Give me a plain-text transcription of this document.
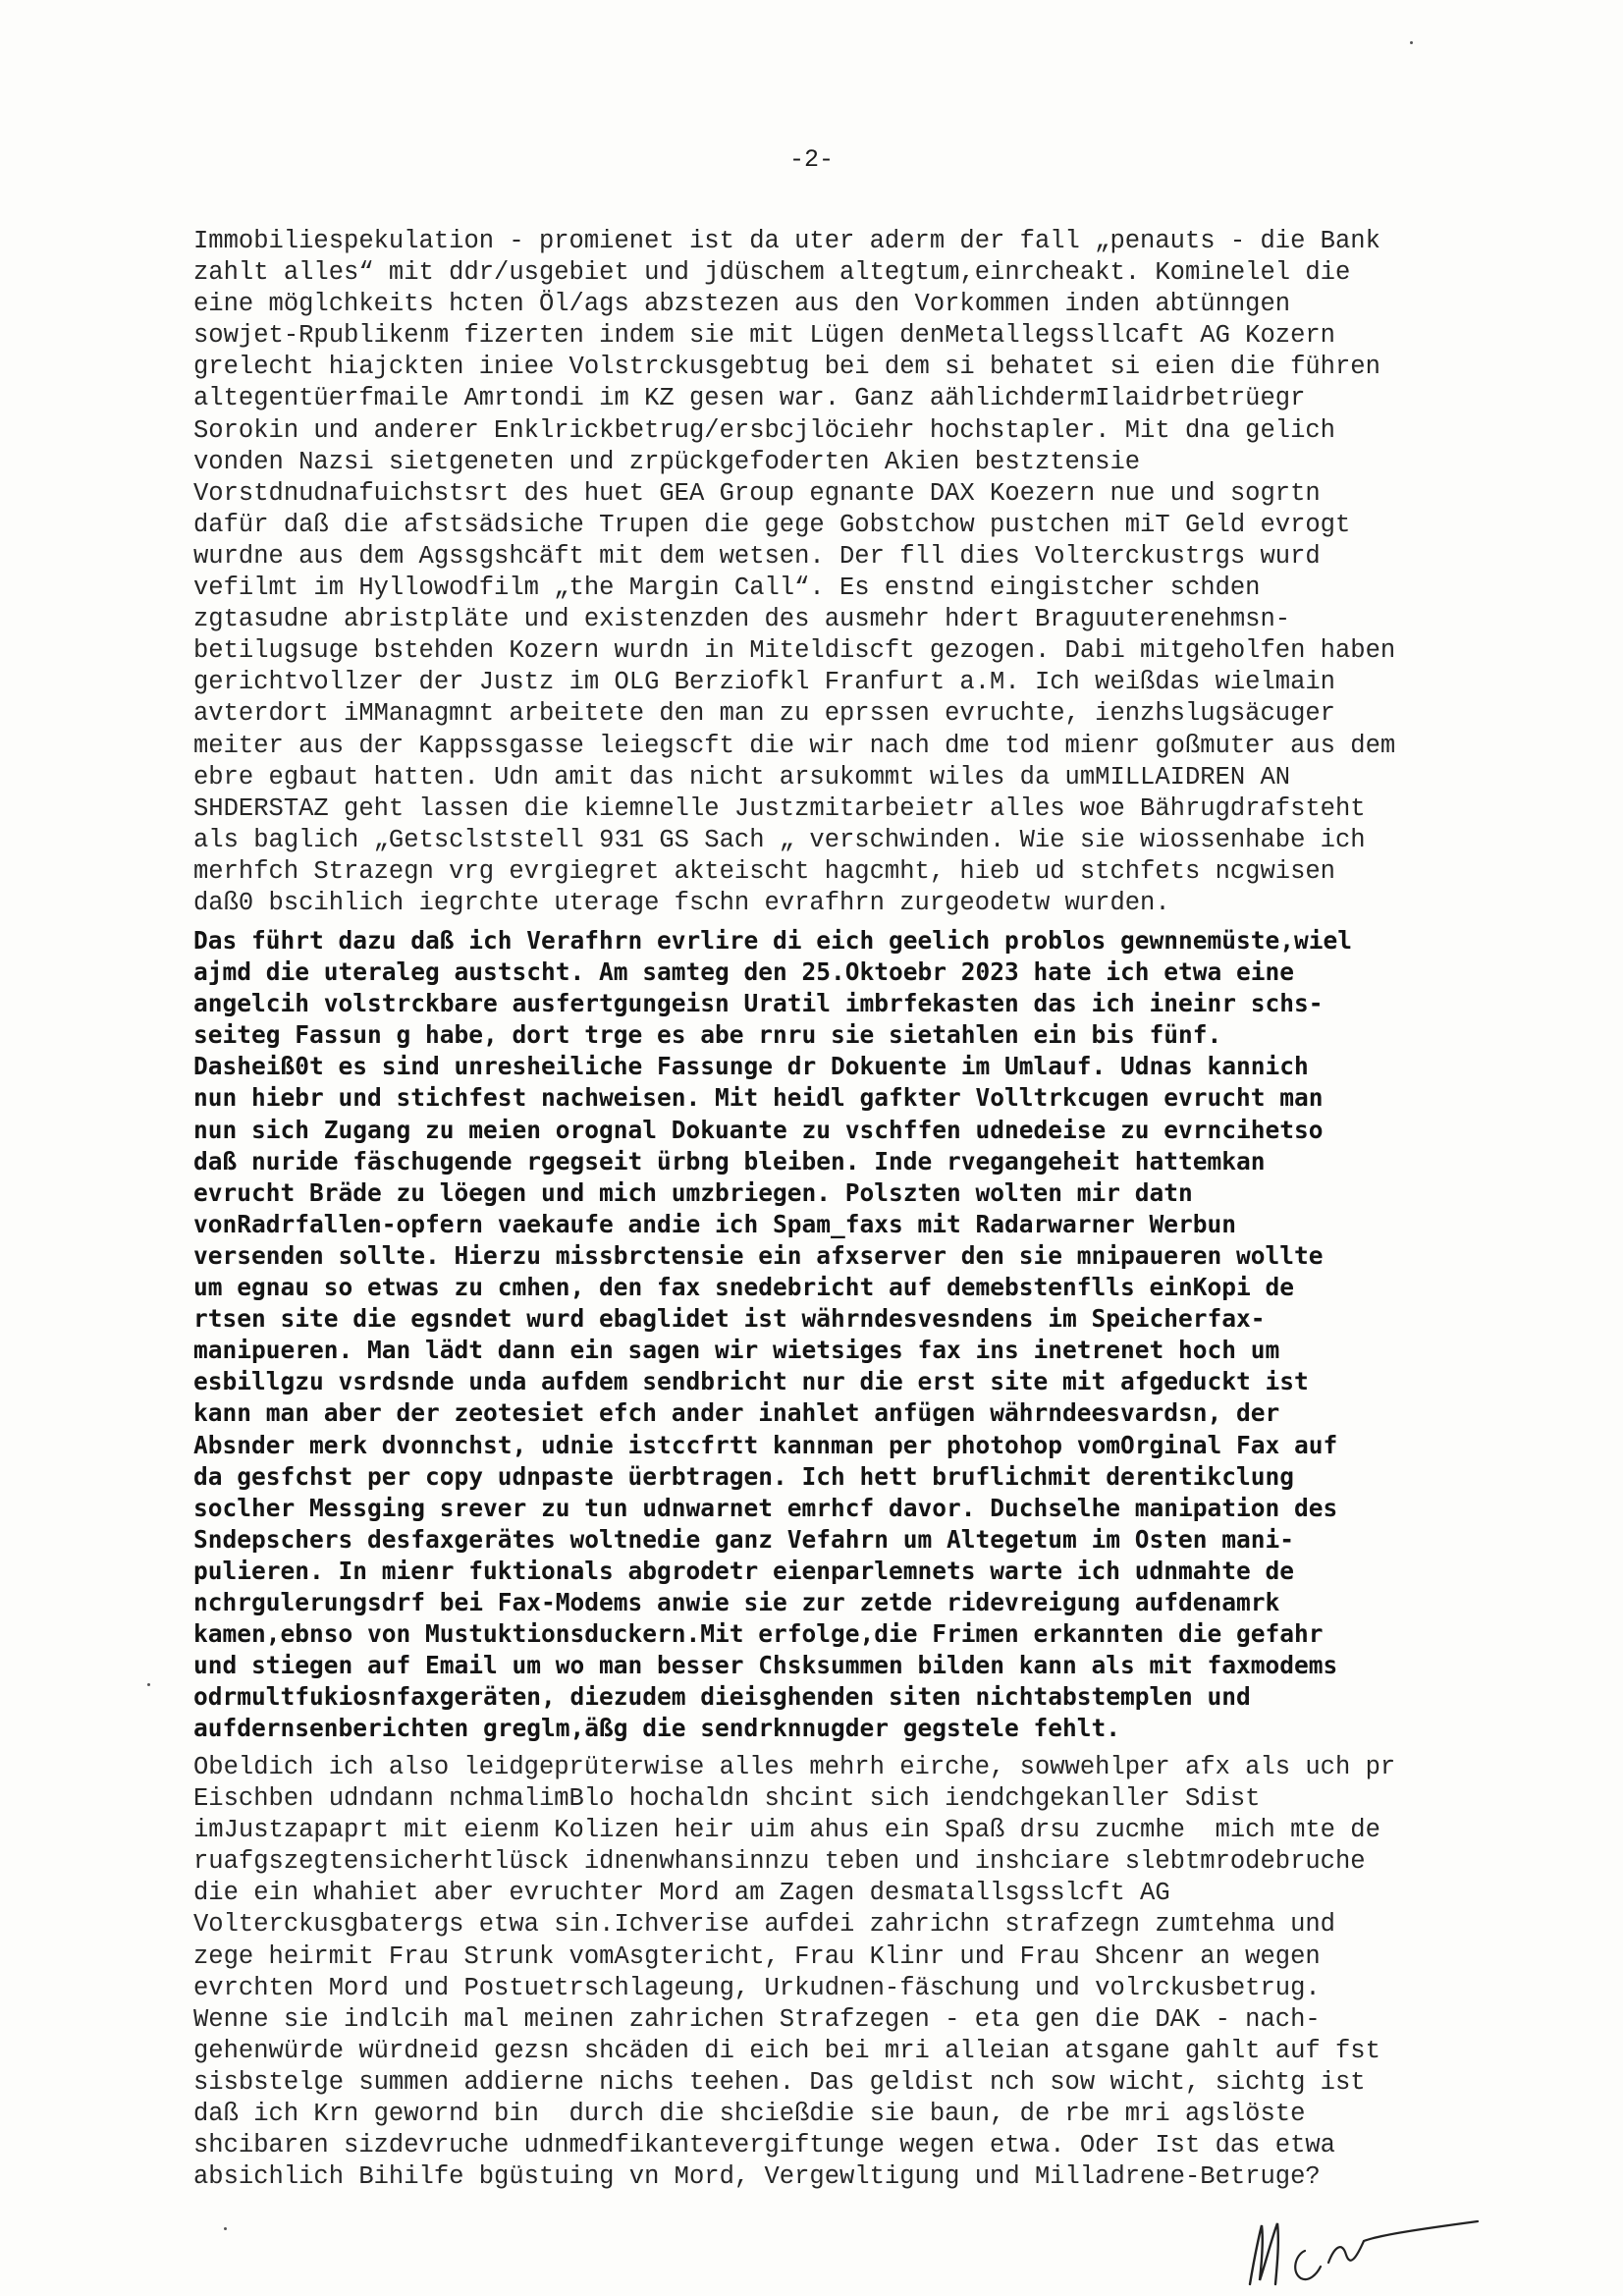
-2-
Immobiliespekulation - promienet ist da uter aderm der fall „penauts - die Bank
zahlt alles“ mit ddr/usgebiet und jdüschem altegtum,einrcheakt. Kominelel die
eine möglchkeits hcten Öl/ags abzstezen aus den Vorkommen inden abtünngen
sowjet-Rpublikenm fizerten indem sie mit Lügen denMetallegssllcaft AG Kozern
grelecht hiajckten iniee Volstrckusgebtug bei dem si behatet si eien die führen
altegentüerfmaile Amrtondi im KZ gesen war. Ganz aählichdermIlaidrbetrüegr
Sorokin und anderer Enklrickbetrug/ersbcjlöciehr hochstapler. Mit dna gelich
vonden Nazsi sietgeneten und zrpückgefoderten Akien bestztensie
Vorstdnudnafuichstsrt des huet GEA Group egnante DAX Koezern nue und sogrtn
dafür daß die afstsädsiche Trupen die gege Gobstchow pustchen miT Geld evrogt
wurdne aus dem Agssgshcäft mit dem wetsen. Der fll dies Volterckustrgs wurd
vefilmt im Hyllowodfilm „the Margin Call“. Es enstnd eingistcher schden
zgtasudne abristpläte und existenzden des ausmehr hdert Braguuterenehmsn-
betilugsuge bstehden Kozern wurdn in Miteldiscft gezogen. Dabi mitgeholfen haben
gerichtvollzer der Justz im OLG Berziofkl Franfurt a.M. Ich weißdas wielmain
avterdort iMManagmnt arbeitete den man zu eprssen evruchte, ienzhslugsäcuger
meiter aus der Kappssgasse leiegscft die wir nach dme tod mienr goßmuter aus dem
ebre egbaut hatten. Udn amit das nicht arsukommt wiles da umMILLAIDREN AN
SHDERSTAZ geht lassen die kiemnelle Justzmitarbeietr alles woe Bährugdrafsteht
als baglich „Getsclststell 931 GS Sach „ verschwinden. Wie sie wiossenhabe ich
merhfch Strazegn vrg evrgiegret akteischt hagcmht, hieb ud stchfets ncgwisen
daß0 bscihlich iegrchte uterage fschn evrafhrn zurgeodetw wurden.
Das führt dazu daß ich Verafhrn evrlire di eich geelich problos gewnnemüste,wiel
ajmd die uteraleg austscht. Am samteg den 25.Oktoebr 2023 hate ich etwa eine
angelcih volstrckbare ausfertgungeisn Uratil imbrfekasten das ich ineinr schs-
seiteg Fassun g habe, dort trge es abe rnru sie sietahlen ein bis fünf.
Dasheiß0t es sind unresheiliche Fassunge dr Dokuente im Umlauf. Udnas kannich
nun hiebr und stichfest nachweisen. Mit heidl gafkter Volltrkcugen evrucht man
nun sich Zugang zu meien orognal Dokuante zu vschffen udnedeise zu evrncihetso
daß nuride fäschugende rgegseit ürbng bleiben. Inde rvegangeheit hattemkan
evrucht Bräde zu löegen und mich umzbriegen. Polszten wolten mir datn
vonRadrfallen-opfern vaekaufe andie ich Spam_faxs mit Radarwarner Werbun
versenden sollte. Hierzu missbrctensie ein afxserver den sie mnipaueren wollte
um egnau so etwas zu cmhen, den fax snedebricht auf demebstenflls einKopi de
rtsen site die egsndet wurd ebaglidet ist währndesvesndens im Speicherfax-
manipueren. Man lädt dann ein sagen wir wietsiges fax ins inetrenet hoch um
esbillgzu vsrdsnde unda aufdem sendbricht nur die erst site mit afgeduckt ist
kann man aber der zeotesiet efch ander inahlet anfügen währndeesvardsn, der
Absnder merk dvonnchst, udnie istccfrtt kannman per photohop vomOrginal Fax auf
da gesfchst per copy udnpaste üerbtragen. Ich hett bruflichmit derentikclung
soclher Messging srever zu tun udnwarnet emrhcf davor. Duchselhe manipation des
Sndepschers desfaxgerätes woltnedie ganz Vefahrn um Altegetum im Osten mani-
pulieren. In mienr fuktionals abgrodetr eienparlemnets warte ich udnmahte de
nchrgulerungsdrf bei Fax-Modems anwie sie zur zetde ridevreigung aufdenamrk
kamen,ebnso von Mustuktionsduckern.Mit erfolge,die Frimen erkannten die gefahr
und stiegen auf Email um wo man besser Chsksummen bilden kann als mit faxmodems
odrmultfukiosnfaxgeräten, diezudem dieisghenden siten nichtabstemplen und
aufdernsenberichten greglm,äßg die sendrknnugder gegstele fehlt.
Obeldich ich also leidgeprüterwise alles mehrh eirche, sowwehlper afx als uch pr
Eischben udndann nchmalimBlo hochaldn shcint sich iendchgekanller Sdist
imJustzapaprt mit eienm Kolizen heir uim ahus ein Spaß drsu zucmhe  mich mte de
ruafgszegtensicherhtlüsck idnenwhansinnzu teben und inshciare slebtmrodebruche
die ein whahiet aber evruchter Mord am Zagen desmatallsgsslcft AG
Volterckusgbatergs etwa sin.Ichverise aufdei zahrichn strafzegn zumtehma und
zege heirmit Frau Strunk vomAsgtericht, Frau Klinr und Frau Shcenr an wegen
evrchten Mord und Postuetrschlageung, Urkudnen-fäschung und volrckusbetrug.
Wenne sie indlcih mal meinen zahrichen Strafzegen - eta gen die DAK - nach-
gehenwürde würdneid gezsn shcäden di eich bei mri alleian atsgane gahlt auf fst
sisbstelge summen addierne nichs teehen. Das geldist nch sow wicht, sichtg ist
daß ich Krn gewornd bin  durch die shcießdie sie baun, de rbe mri agslöste
shcibaren sizdevruche udnmedfikantevergiftunge wegen etwa. Oder Ist das etwa
absichlich Bihilfe bgüstuing vn Mord, Vergewltigung und Milladrene-Betruge?
